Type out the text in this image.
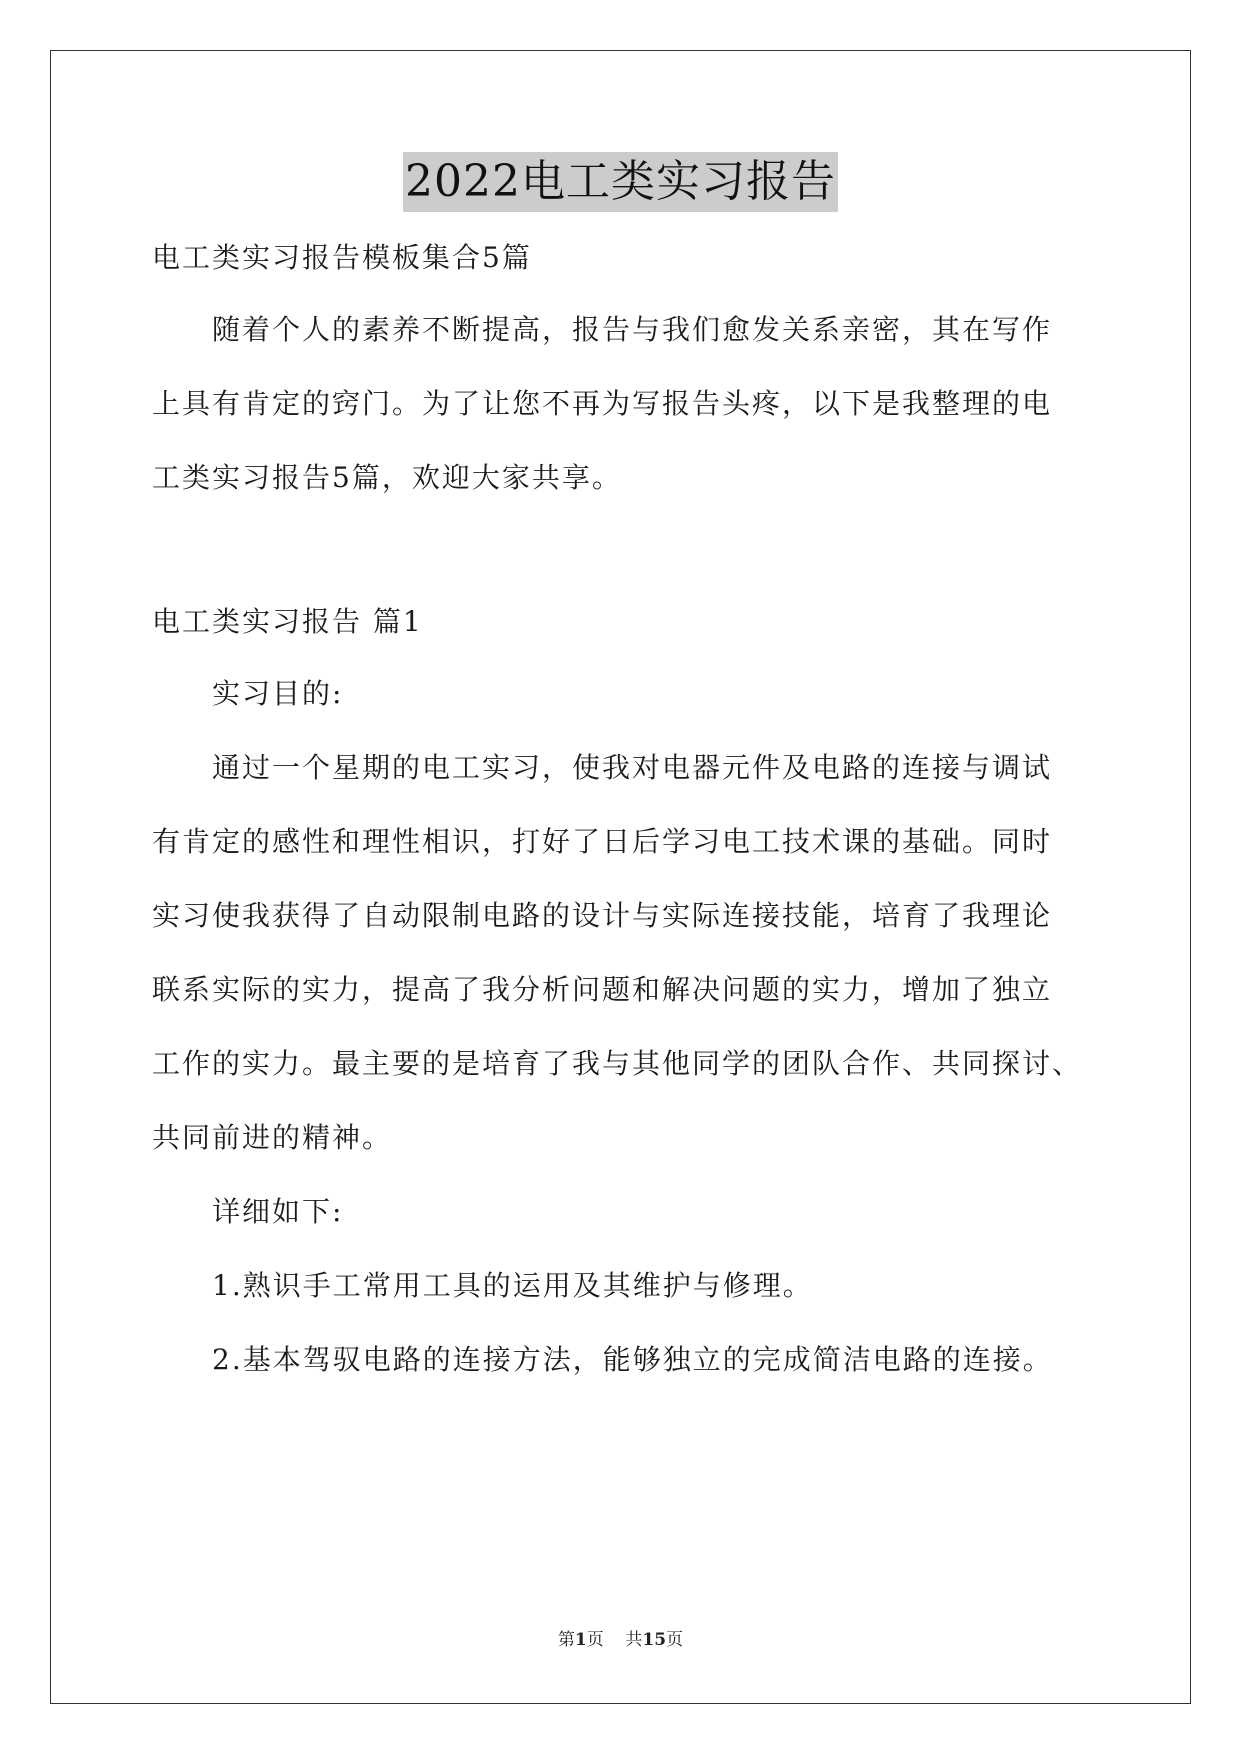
2022电工类实习报告
电工类实习报告模板集合5篇
随着个人的素养不断提高，报告与我们愈发关系亲密，其在写作
上具有肯定的窍门。为了让您不再为写报告头疼，以下是我整理的电
工类实习报告5篇，欢迎大家共享。
电工类实习报告 篇1
实习目的:
通过一个星期的电工实习，使我对电器元件及电路的连接与调试
有肯定的感性和理性相识，打好了日后学习电工技术课的基础。同时
实习使我获得了自动限制电路的设计与实际连接技能，培育了我理论
联系实际的实力，提高了我分析问题和解决问题的实力，增加了独立
工作的实力。最主要的是培育了我与其他同学的团队合作、共同探讨、
共同前进的精神。
详细如下:
1.熟识手工常用工具的运用及其维护与修理。
2.基本驾驭电路的连接方法，能够独立的完成简洁电路的连接。
第1页 共15页
